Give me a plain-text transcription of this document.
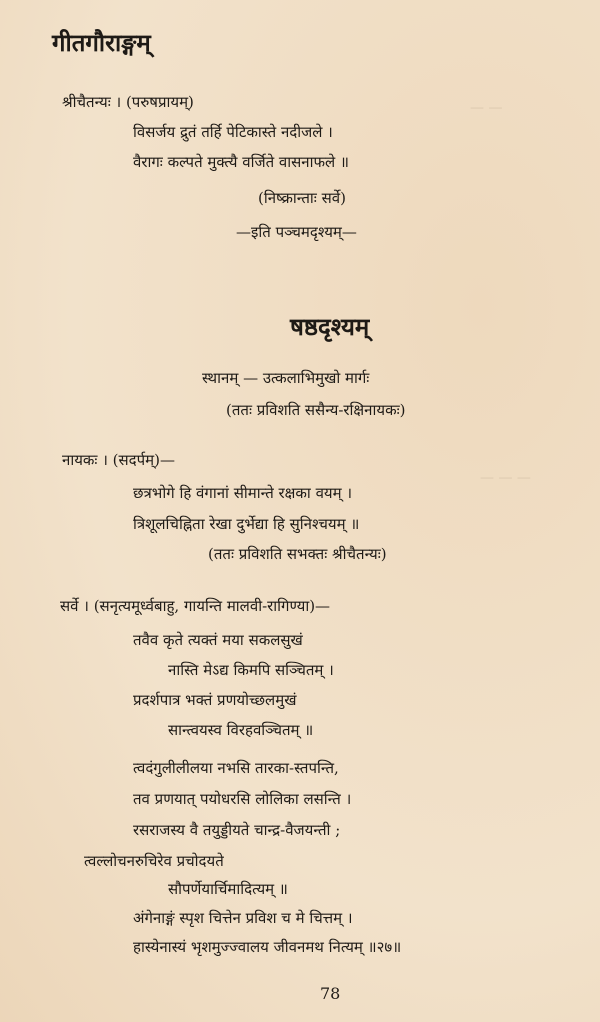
— —
— — —
गीतगौराङ्गम्
श्रीचैतन्यः । (परुषप्रायम्)
विसर्जय द्रुतं तर्हि पेटिकास्ते नदीजले ।
वैरागः कल्पते मुक्त्यै वर्जिते वासनाफले ॥
(निष्क्रान्ताः सर्वे)
—इति पञ्चमदृश्यम्—
षष्ठदृश्यम्
स्थानम् — उत्कलाभिमुखो मार्गः
(ततः प्रविशति ससैन्य-रक्षिनायकः)
नायकः । (सदर्पम्)—
छत्रभोगे हि वंगानां सीमान्ते रक्षका वयम् ।
त्रिशूलचिह्निता रेखा दुर्भेद्या हि सुनिश्चयम् ॥
(ततः प्रविशति सभक्तः श्रीचैतन्यः)
सर्वे । (सनृत्यमूर्ध्वबाहु, गायन्ति मालवी-रागिण्या)—
तवैव कृते त्यक्तं मया सकलसुखं
नास्ति मेऽद्य किमपि सञ्चितम् ।
प्रदर्शपात्र भक्तं प्रणयोच्छलमुखं
सान्त्वयस्व विरहवञ्चितम् ॥
त्वदंगुलीलीलया नभसि तारका-स्तपन्ति,
तव प्रणयात् पयोधरसि लोलिका लसन्ति ।
रसराजस्य वै तयुड्डीयते चान्द्र-वैजयन्ती ;
त्वल्लोचनरुचिरेव प्रचोदयते
सौपर्णेयार्चिमादित्यम् ॥
अंगेनाङ्गं स्पृश चित्तेन प्रविश च मे चित्तम् ।
हास्येनास्यं भृशमुज्ज्वालय जीवनमथ नित्यम् ॥२७॥
78
